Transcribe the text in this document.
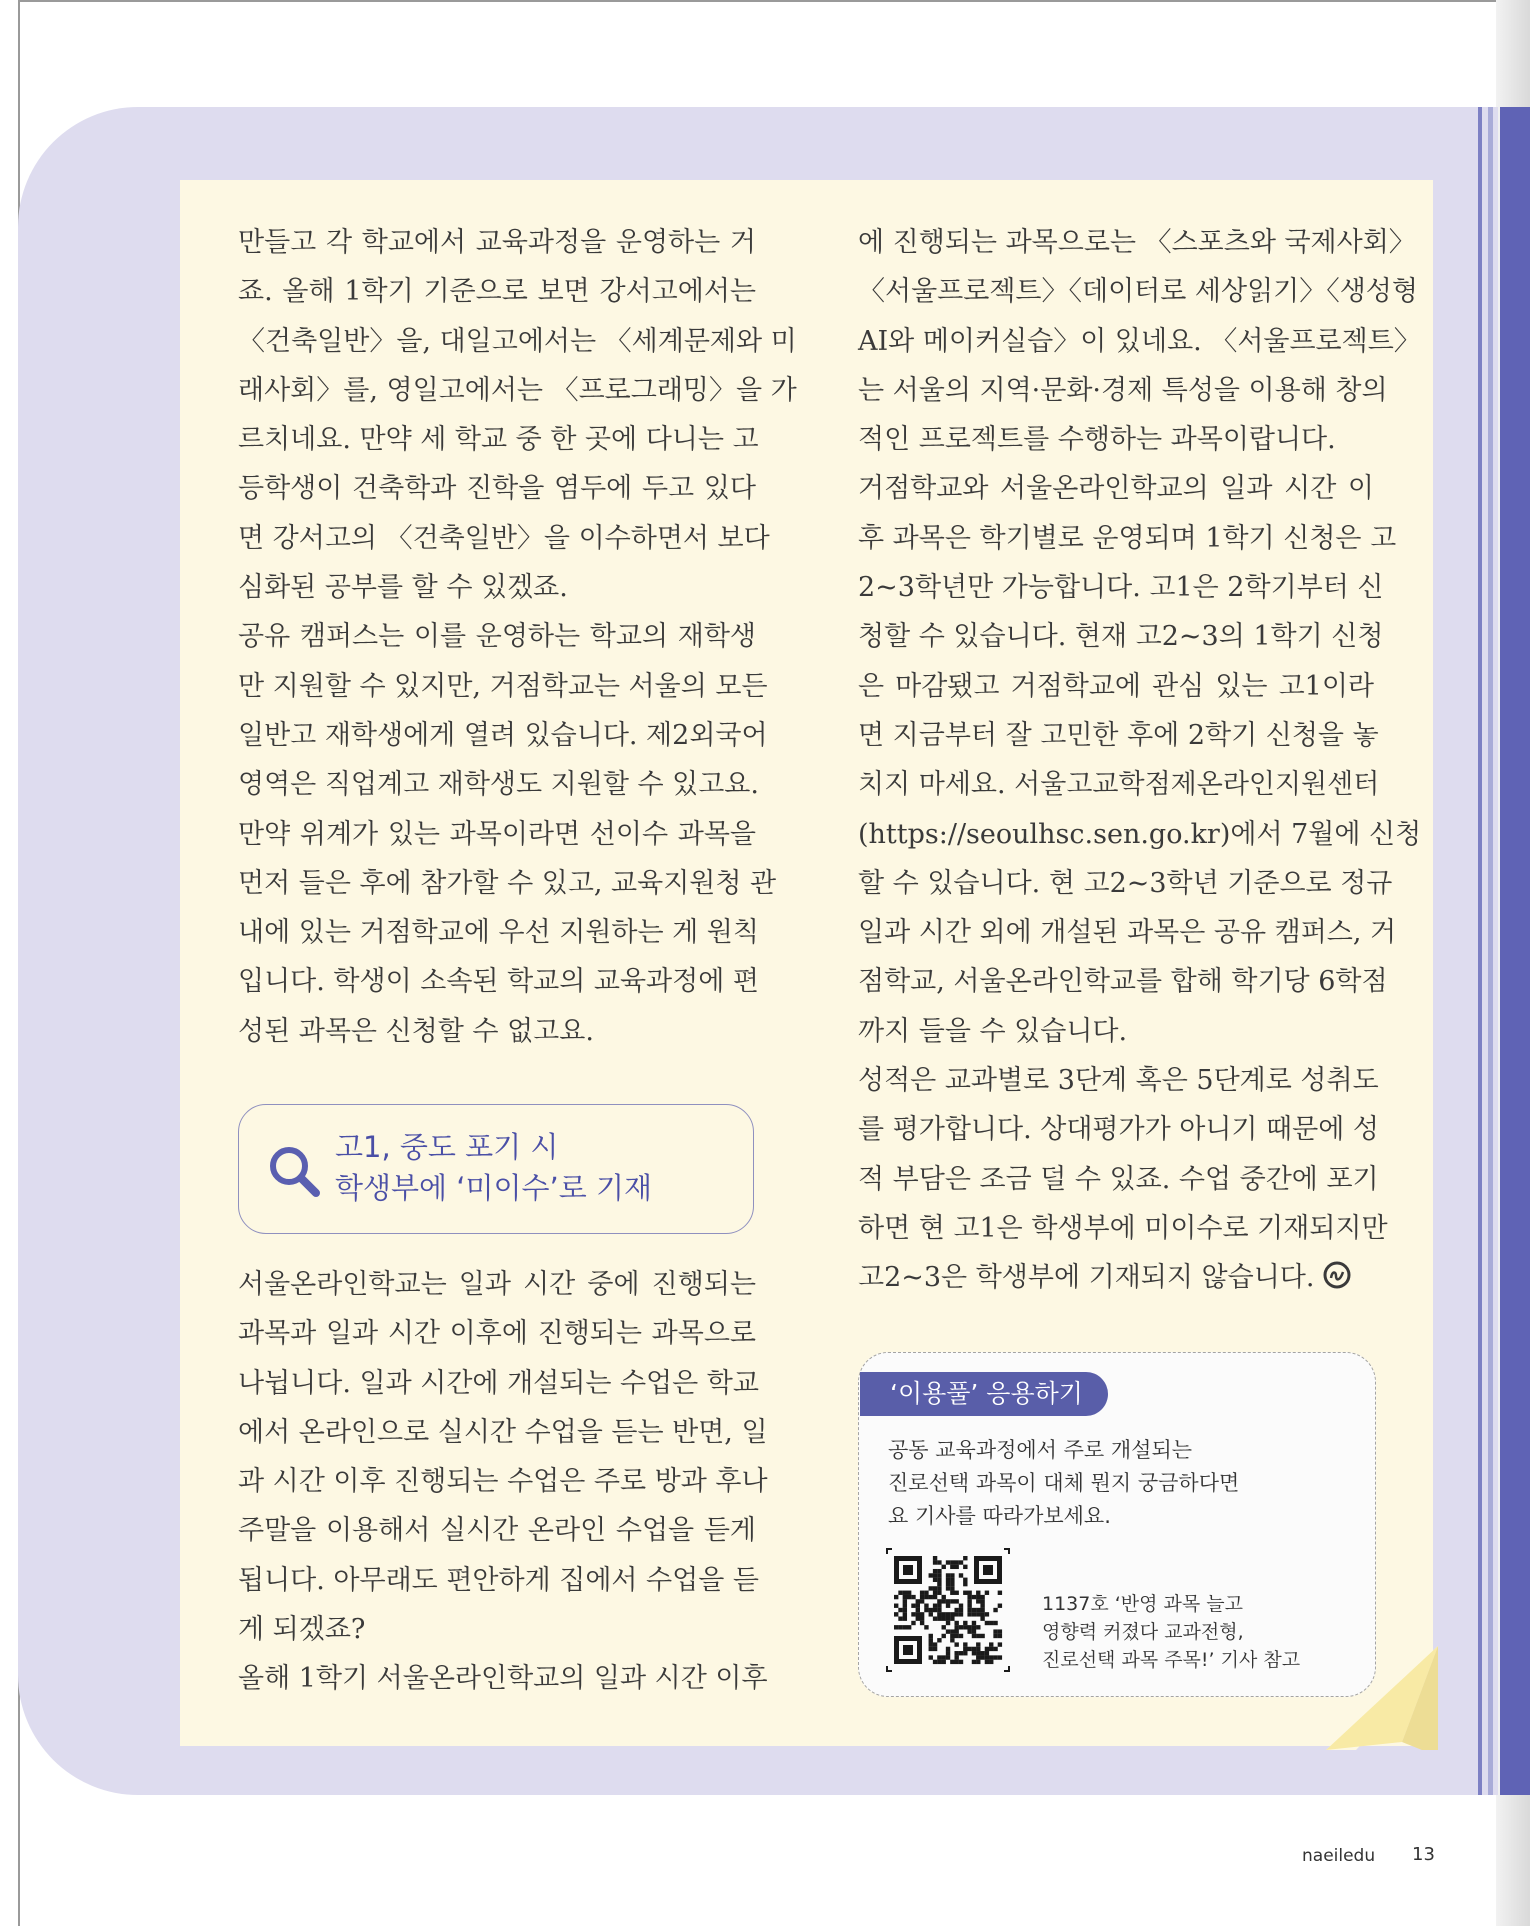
만들고 각 학교에서 교육과정을 운영하는 거

죠. 올해 1학기 기준으로 보면 강서고에서는

〈건축일반〉을, 대일고에서는 〈세계문제와 미

래사회〉를, 영일고에서는 〈프로그래밍〉을 가

르치네요. 만약 세 학교 중 한 곳에 다니는 고

등학생이 건축학과 진학을 염두에 두고 있다

면 강서고의 〈건축일반〉을 이수하면서 보다

심화된 공부를 할 수 있겠죠.

공유 캠퍼스는 이를 운영하는 학교의 재학생

만 지원할 수 있지만, 거점학교는 서울의 모든

일반고 재학생에게 열려 있습니다. 제2외국어

영역은 직업계고 재학생도 지원할 수 있고요.

만약 위계가 있는 과목이라면 선이수 과목을

먼저 들은 후에 참가할 수 있고, 교육지원청 관

내에 있는 거점학교에 우선 지원하는 게 원칙

입니다. 학생이 소속된 학교의 교육과정에 편

성된 과목은 신청할 수 없고요.

고1, 중도 포기 시
학생부에 ‘미이수’로 기재

서울온라인학교는 일과 시간 중에 진행되는

과목과 일과 시간 이후에 진행되는 과목으로

나뉩니다. 일과 시간에 개설되는 수업은 학교

에서 온라인으로 실시간 수업을 듣는 반면, 일

과 시간 이후 진행되는 수업은 주로 방과 후나

주말을 이용해서 실시간 온라인 수업을 듣게

됩니다. 아무래도 편안하게 집에서 수업을 듣

게 되겠죠?

올해 1학기 서울온라인학교의 일과 시간 이후

에 진행되는 과목으로는 〈스포츠와 국제사회〉

〈서울프로젝트〉〈데이터로 세상읽기〉〈생성형

AI와 메이커실습〉이 있네요. 〈서울프로젝트〉

는 서울의 지역·문화·경제 특성을 이용해 창의

적인 프로젝트를 수행하는 과목이랍니다.

거점학교와 서울온라인학교의 일과 시간 이

후 과목은 학기별로 운영되며 1학기 신청은 고

2~3학년만 가능합니다. 고1은 2학기부터 신

청할 수 있습니다. 현재 고2~3의 1학기 신청

은 마감됐고 거점학교에 관심 있는 고1이라

면 지금부터 잘 고민한 후에 2학기 신청을 놓

치지 마세요. 서울고교학점제온라인지원센터

(https://seoulhsc.sen.go.kr)에서 7월에 신청

할 수 있습니다. 현 고2~3학년 기준으로 정규

일과 시간 외에 개설된 과목은 공유 캠퍼스, 거

점학교, 서울온라인학교를 합해 학기당 6학점

까지 들을 수 있습니다.

성적은 교과별로 3단계 혹은 5단계로 성취도

를 평가합니다. 상대평가가 아니기 때문에 성

적 부담은 조금 덜 수 있죠. 수업 중간에 포기

하면 현 고1은 학생부에 미이수로 기재되지만

고2~3은 학생부에 기재되지 않습니다.

‘이용풀’ 응용하기
공동 교육과정에서 주로 개설되는
진로선택 과목이 대체 뭔지 궁금하다면
요 기사를 따라가보세요.
1137호 ‘반영 과목 늘고
영향력 커졌다 교과전형,
진로선택 과목 주목!’ 기사 참고
naeiledu 13
